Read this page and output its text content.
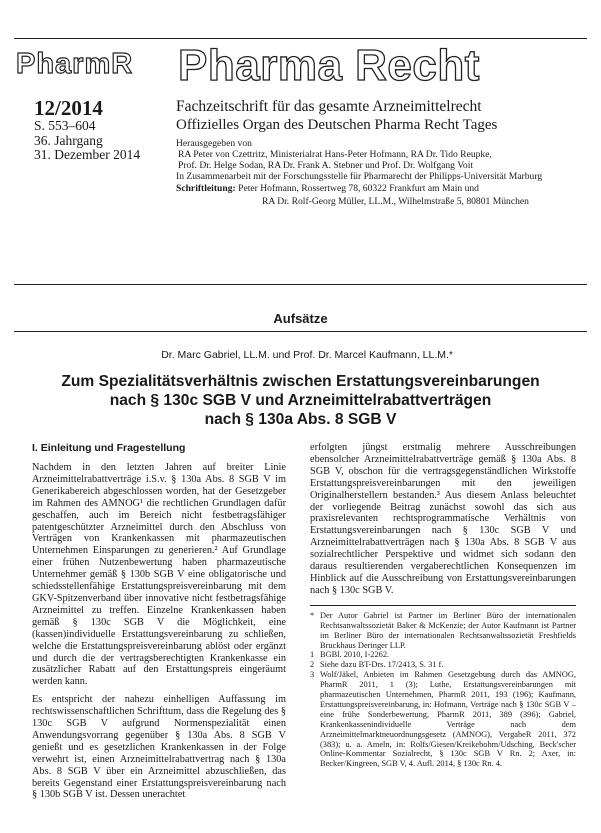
PharmR Pharma Recht
12/2014
S. 553–604
36. Jahrgang
31. Dezember 2014
Fachzeitschrift für das gesamte Arzneimittelrecht
Offizielles Organ des Deutschen Pharma Recht Tages
Herausgegeben von
RA Peter von Czettritz, Ministerialrat Hans-Peter Hofmann, RA Dr. Tido Reupke,
Prof. Dr. Helge Sodan, RA Dr. Frank A. Stebner und Prof. Dr. Wolfgang Voit
In Zusammenarbeit mit der Forschungsstelle für Pharmarecht der Philipps-Universität Marburg
Schriftleitung: Peter Hofmann, Rossertweg 78, 60322 Frankfurt am Main und
RA Dr. Rolf-Georg Müller, LL.M., Wilhelmstraße 5, 80801 München
Aufsätze
Dr. Marc Gabriel, LL.M. und Prof. Dr. Marcel Kaufmann, LL.M.*
Zum Spezialitätsverhältnis zwischen Erstattungsvereinbarungen
nach § 130c SGB V und Arzneimittelrabattverträgen
nach § 130a Abs. 8 SGB V
I. Einleitung und Fragestellung

Nachdem in den letzten Jahren auf breiter Linie Arzneimittelrabattverträge i.S.v. § 130a Abs. 8 SGB V im Generikabereich abgeschlossen worden, hat der Gesetzgeber im Rahmen des AMNOG¹ die rechtlichen Grundlagen dafür geschaffen, auch im Bereich nicht festbetragsfähiger patentgeschützter Arzneimittel durch den Abschluss von Verträgen von Krankenkassen mit pharmazeutischen Unternehmen Einsparungen zu generieren.² Auf Grundlage einer frühen Nutzenbewertung haben pharmazeutische Unternehmer gemäß § 130b SGB V eine obligatorische und schiedsstellenfähige Erstattungspreisvereinbarung mit dem GKV-Spitzenverband über innovative nicht festbetragsfähige Arzneimittel zu treffen. Einzelne Krankenkassen haben gemäß § 130c SGB V die Möglichkeit, eine (kassen)individuelle Erstattungsvereinbarung zu schließen, welche die Erstattungspreisvereinbarung ablöst oder ergänzt und durch die der vertragsberechtigten Krankenkasse ein zusätzlicher Rabatt auf den Erstattungspreis eingeräumt werden kann.

Es entspricht der nahezu einhelligen Auffassung im rechtswissenschaftlichen Schrifttum, dass die Regelung des § 130c SGB V aufgrund Normenspezialität einen Anwendungsvorrang gegenüber § 130a Abs. 8 SGB V genießt und es gesetzlichen Krankenkassen in der Folge verwehrt ist, einen Arzneimittelrabattvertrag nach § 130a Abs. 8 SGB V über ein Arzneimittel abzuschließen, das bereits Gegenstand einer Erstattungspreisvereinbarung nach § 130b SGB V ist. Dessen unerachtet

erfolgten jüngst erstmalig mehrere Ausschreibungen ebensolcher Arzneimittelrabattverträge gemäß § 130a Abs. 8 SGB V, obschon für die vertragsgegenständlichen Wirkstoffe Erstattungspreisvereinbarungen mit den jeweiligen Originalherstellern bestanden.³ Aus diesem Anlass beleuchtet der vorliegende Beitrag zunächst sowohl das sich aus praxisrelevanten rechtsprogrammatische Verhältnis von Erstattungsvereinbarungen nach § 130c SGB V und Arzneimittelrabattverträgen nach § 130a Abs. 8 SGB V aus sozialrechtlicher Perspektive und widmet sich sodann den daraus resultierenden vergaberechtlichen Konsequenzen im Hinblick auf die Ausschreibung von Erstattungsvereinbarungen nach § 130c SGB V.

* Der Autor Gabriel ist Partner im Berliner Büro der internationalen Rechtsanwaltssozietät Baker & McKenzie; der Autor Kaufmann ist Partner im Berliner Büro der internationalen Rechtsanwaltssozietät Freshfields Bruckhaus Deringer LLP.
1 BGBl. 2010, I-2262.
2 Siehe dazu BT-Drs. 17/2413, S. 31 f.
3 Wolf/Jäkel, Anbieten im Rahmen Gesetzgebung durch das AMNOG, PharmR 2011, 1 (3); Luthe, Erstattungsvereinbarungen mit pharmazeutischen Unternehmen, PharmR 2011, 193 (196); Kaufmann, Erstattungspreisvereinbarung, in: Hofmann, Verträge nach § 130c SGB V – eine frühe Sonderbewertung, PharmR 2011, 389 (396); Gabriel, Krankenkassenindividuelle Verträge nach dem Arzneimittelmarktneuordnungsgesetz (AMNOG), VergabeR 2011, 372 (383); u. a. Ameln, in: Rolfs/Giesen/Kreikebohm/Udsching, Beck'scher Online-Kommentar Sozialrecht, § 130c SGB V Rn. 2; Axer, in: Becker/Kingreen, SGB V, 4. Aufl. 2014, § 130c Rn. 4.
